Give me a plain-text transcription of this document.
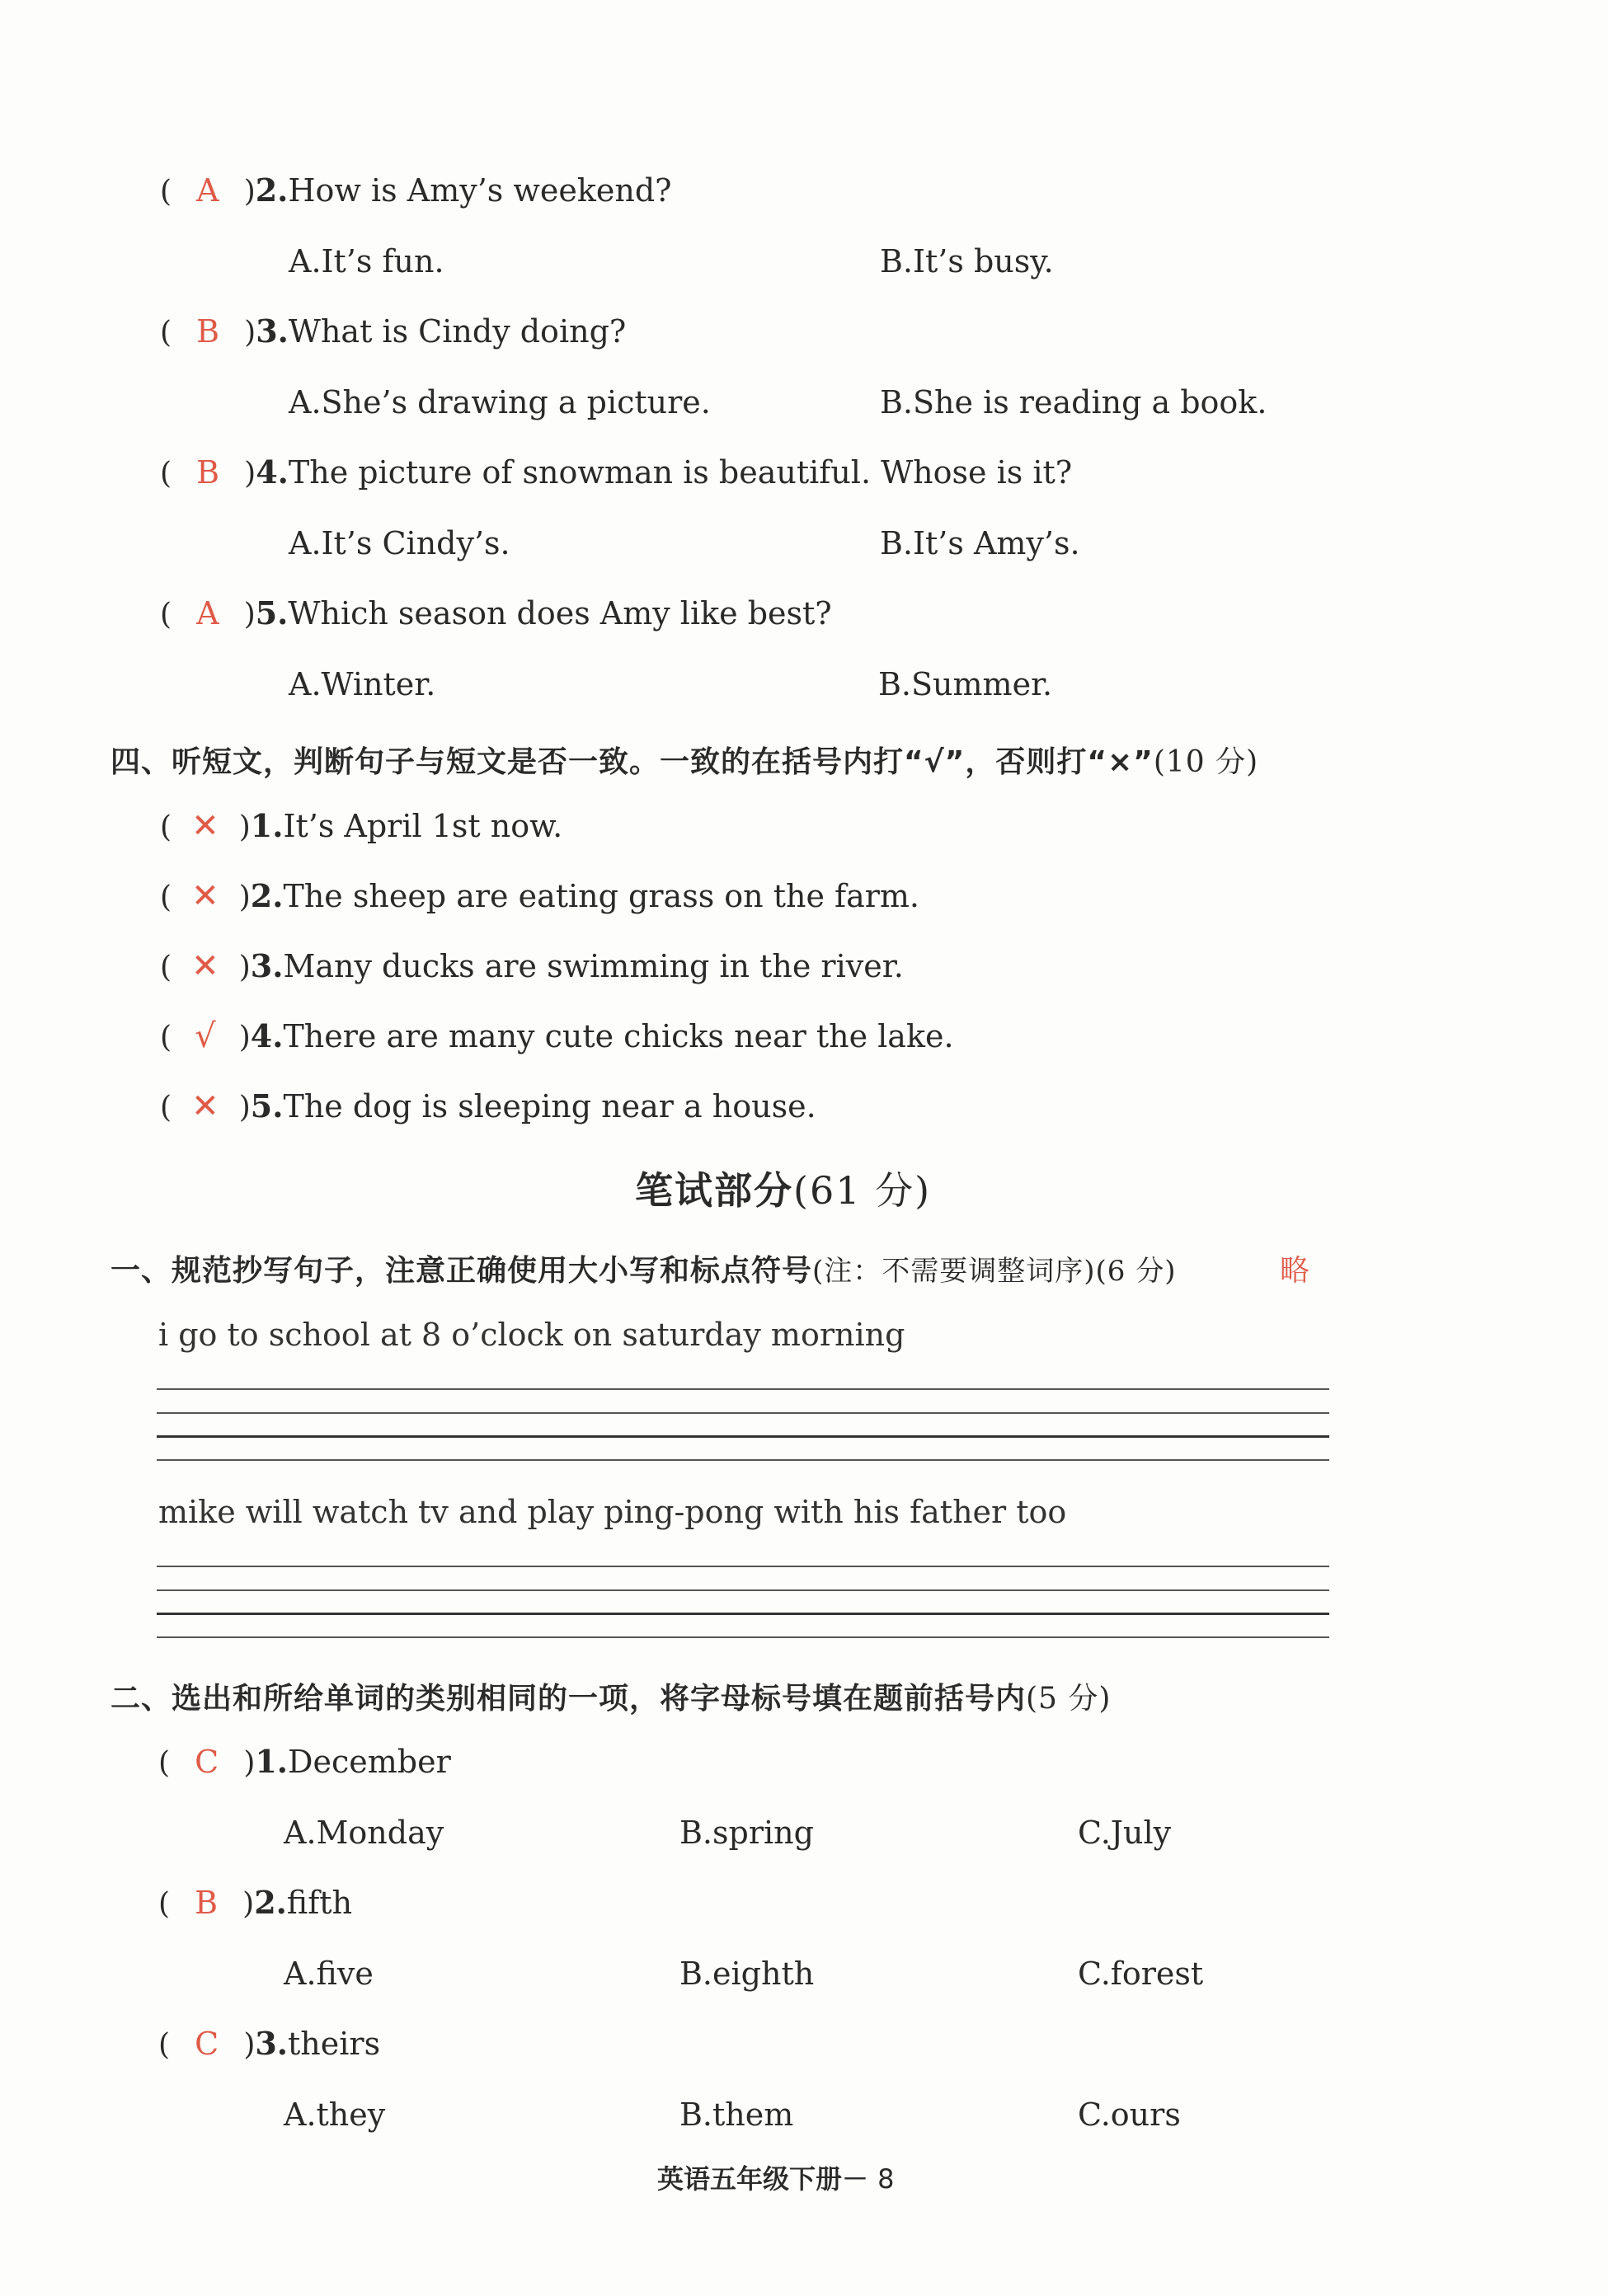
( A )2.How is Amy’s weekend?
A.It’s fun.	B.It’s busy.
( B )3.What is Cindy doing?
A.She’s drawing a picture.	B.She is reading a book.
( B )4.The picture of snowman is beautiful. Whose is it?
A.It’s Cindy’s.	B.It’s Amy’s.
( A )5.Which season does Amy like best?
A.Winter.	B.Summer.
四、听短文，判断句子与短文是否一致。一致的在括号内打“√”，否则打“×”(10 分)
( ✕ )1.It’s April 1st now.
( ✕ )2.The sheep are eating grass on the farm.
( ✕ )3.Many ducks are swimming in the river.
( √ )4.There are many cute chicks near the lake.
( ✕ )5.The dog is sleeping near a house.
笔试部分(61 分)
一、规范抄写句子，注意正确使用大小写和标点符号(注：不需要调整词序)(6 分)	略
i go to school at 8 o’clock on saturday morning
mike will watch tv and play ping-pong with his father too
二、选出和所给单词的类别相同的一项，将字母标号填在题前括号内(5 分)
( C )1.December
A.Monday	B.spring	C.July
( B )2.fifth
A.five	B.eighth	C.forest
( C )3.theirs
A.they	B.them	C.ours
英语五年级下册－ 8
